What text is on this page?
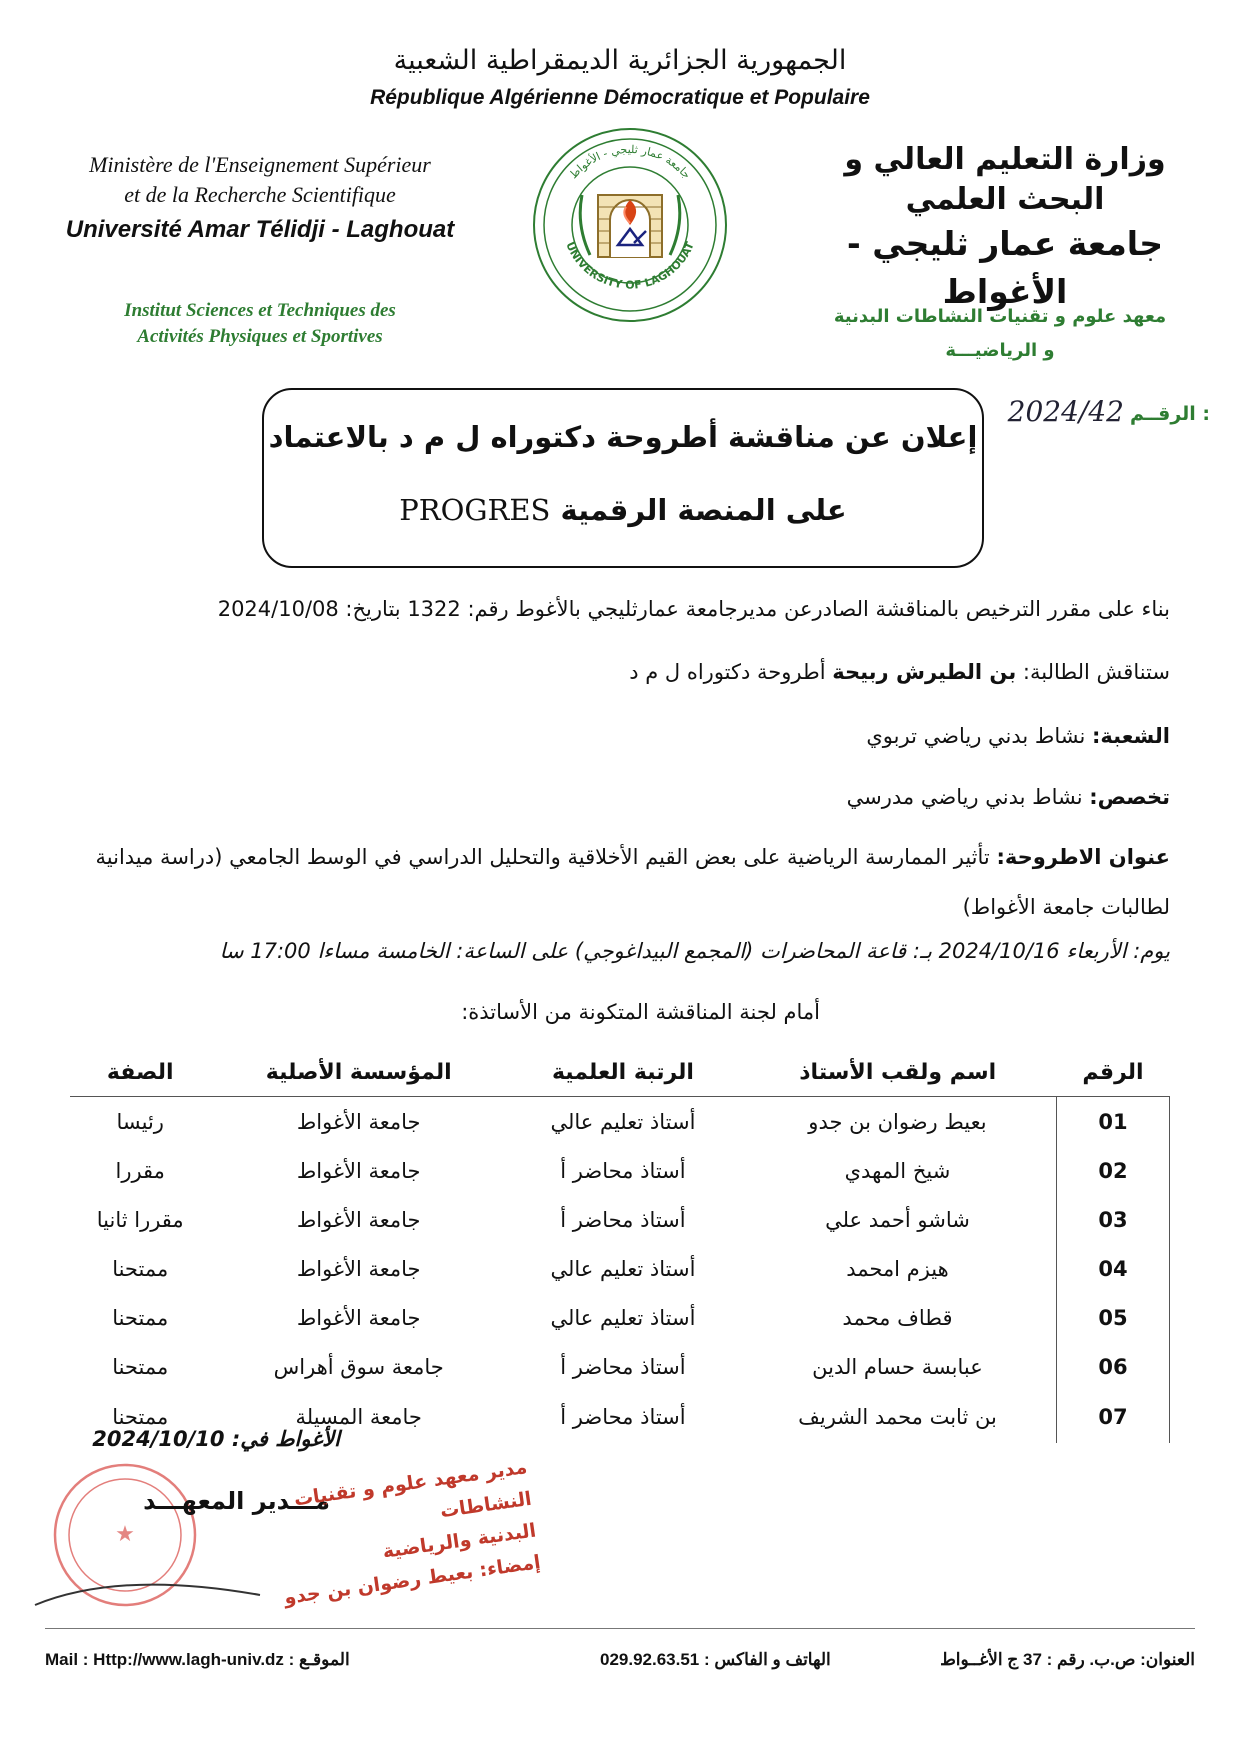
الجمهورية الجزائرية الديمقراطية الشعبية
République Algérienne Démocratique et Populaire
Ministère de l'Enseignement Supérieur
et de la Recherche Scientifique
Université Amar Télidji - Laghouat
Institut Sciences et Techniques des
Activités Physiques et Sportives
وزارة التعليم العالي و البحث العلمي
جامعة عمار ثليجي - الأغواط
معهد علوم و تقنيات النشاطات البدنية
و الرياضيـــة
جامعة عمار ثليجي - الأغواط
UNIVERSITY OF LAGHOUAT
الرقــم :
2024/42
إعلان عن مناقشة أطروحة دكتوراه ل م د بالاعتماد
على المنصة الرقمية PROGRES
بناء على مقرر الترخيص بالمناقشة الصادرعن مديرجامعة عمارثليجي بالأغوط رقم: 1322 بتاريخ: 2024/10/08
ستناقش الطالبة: بن الطيرش ربيحة أطروحة دكتوراه ل م د
الشعبة: نشاط بدني رياضي تربوي
تخصص: نشاط بدني رياضي مدرسي
عنوان الاطروحة: تأثير الممارسة الرياضية على بعض القيم الأخلاقية والتحليل الدراسي في الوسط الجامعي (دراسة ميدانية لطالبات جامعة الأغواط)
يوم: الأربعاء 2024/10/16 بـ: قاعة المحاضرات (المجمع البيداغوجي) على الساعة: الخامسة مساءا 17:00 سا
أمام لجنة المناقشة المتكونة من الأساتذة:
الرقم	اسم ولقب الأستاذ	الرتبة العلمية	المؤسسة الأصلية	الصفة
01	بعيط رضوان بن جدو	أستاذ تعليم عالي	جامعة الأغواط	رئيسا
02	شيخ المهدي	أستاذ محاضر أ	جامعة الأغواط	مقررا
03	شاشو أحمد علي	أستاذ محاضر أ	جامعة الأغواط	مقررا ثانيا
04	هيزم امحمد	أستاذ تعليم عالي	جامعة الأغواط	ممتحنا
05	قطاف محمد	أستاذ تعليم عالي	جامعة الأغواط	ممتحنا
06	عبابسة حسام الدين	أستاذ محاضر أ	جامعة سوق أهراس	ممتحنا
07	بن ثابت محمد الشريف	أستاذ محاضر أ	جامعة المسيلة	ممتحنا
الأغواط في: 2024/10/10
★
مـــدير المعهـــد
مدير معهد علوم و تقنيات النشاطات
البدنية والرياضية
إمضاء: بعيط رضوان بن جدو
Mail : Http://www.lagh-univ.dz : الموقـع	الهاتف و الفاكس : 029.92.63.51	العنوان: ص.ب. رقم : 37 ج الأغــواط
